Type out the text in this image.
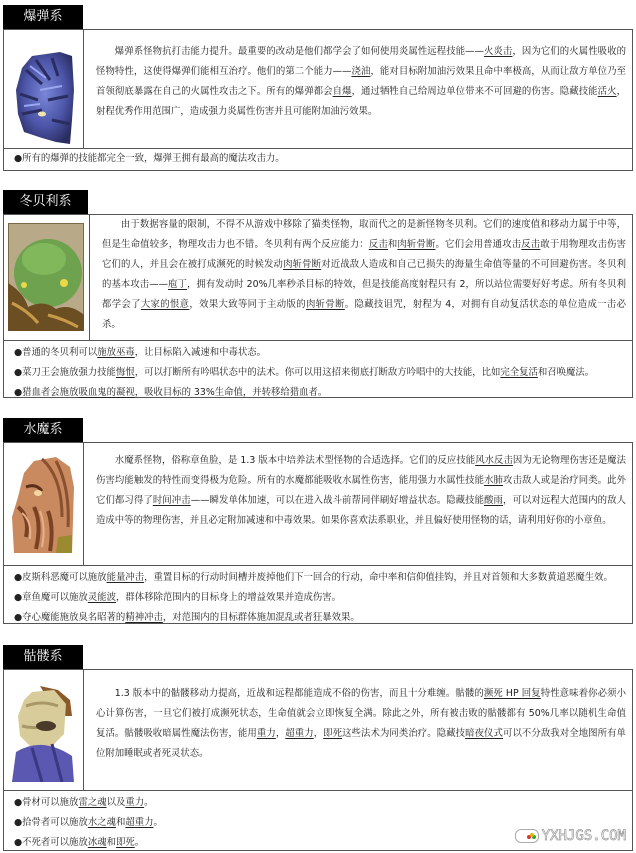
爆弹系
爆弹系怪物抗打击能力提升。最重要的改动是他们都学会了如何使用炎属性远程技能——火炎击，因为它们的火属性吸收的怪物特性，这使得爆弹们能相互治疗。他们的第二个能力——浇油，能对目标附加油污效果且命中率极高，从而让敌方单位乃至首领彻底暴露在自己的火属性攻击之下。所有的爆弹都会自爆，通过牺牲自己给周边单位带来不可回避的伤害。隐藏技能活火，射程优秀作用范围广，造成强力炎属性伤害并且可能附加油污效果。
●所有的爆弹的技能都完全一致，爆弹王拥有最高的魔法攻击力。
冬贝利系
由于数据容量的限制，不得不从游戏中移除了猫类怪物，取而代之的是新怪物冬贝利。它们的速度值和移动力属于中等，但是生命值较多，物理攻击力也不错。冬贝利有两个反应能力：反击和肉斩骨断。它们会用普通攻击反击敢于用物理攻击伤害它们的人，并且会在被打成濒死的时候发动肉斩骨断对近战敌人造成和自己已损失的海量生命值等量的不可回避伤害。冬贝利的基本攻击——庖丁，拥有发动时 20%几率秒杀目标的特效，但是技能高度射程只有 2，所以站位需要好好考虑。所有冬贝利都学会了大家的恨意，效果大致等同于主动版的肉斩骨断。隐藏技诅咒，射程为 4，对拥有自动复活状态的单位造成一击必杀。
●普通的冬贝利可以施放巫毒，让目标陷入减速和中毒状态。
●菜刀王会施放强力技能悔恨，可以打断所有吟唱状态中的法术。你可以用这招来彻底打断敌方吟唱中的大技能，比如完全复活和召唤魔法。
●猎血者会施放吸血鬼的凝视，吸收目标的 33%生命值，并转移给猎血者。
水魔系
水魔系怪物，俗称章鱼脸，是 1.3 版本中培养法术型怪物的合适选择。它们的反应技能风水反击因为无论物理伤害还是魔法伤害均能触发的特性而变得极为危险。所有的水魔都能吸收水属性伤害，能用强力水属性技能水肺攻击敌人或是治疗同类。此外它们都习得了时间冲击——瞬发单体加速，可以在进入战斗前帮同伴刷好增益状态。隐藏技能酸雨，可以对远程大范围内的敌人造成中等的物理伤害，并且必定附加减速和中毒效果。如果你喜欢法系职业，并且偏好使用怪物的话，请利用好你的小章鱼。
●皮斯科恶魔可以施放能量冲击，重置目标的行动时间槽并废掉他们下一回合的行动，命中率和信仰值挂钩，并且对首领和大多数黄道恶魔生效。
●章鱼魔可以施放灵能波，群体移除范围内的目标身上的增益效果并造成伤害。
●夺心魔能施放臭名昭著的精神冲击，对范围内的目标群体施加混乱或者狂暴效果。
骷髅系
1.3 版本中的骷髅移动力提高，近战和远程都能造成不俗的伤害，而且十分难缠。骷髅的濒死 HP 回复特性意味着你必须小心计算伤害，一旦它们被打成濒死状态，生命值就会立即恢复全满。除此之外，所有被击败的骷髅都有 50%几率以随机生命值复活。骷髅吸收暗属性魔法伤害，能用重力，超重力，即死这些法术为同类治疗。隐藏技暗夜仪式可以不分敌我对全地图所有单位附加睡眠或者死灵状态。
●骨材可以施放雷之魂以及重力。
●拾骨者可以施放水之魂和超重力。
●不死者可以施放冰魂和即死。	YXHJGS.COM
